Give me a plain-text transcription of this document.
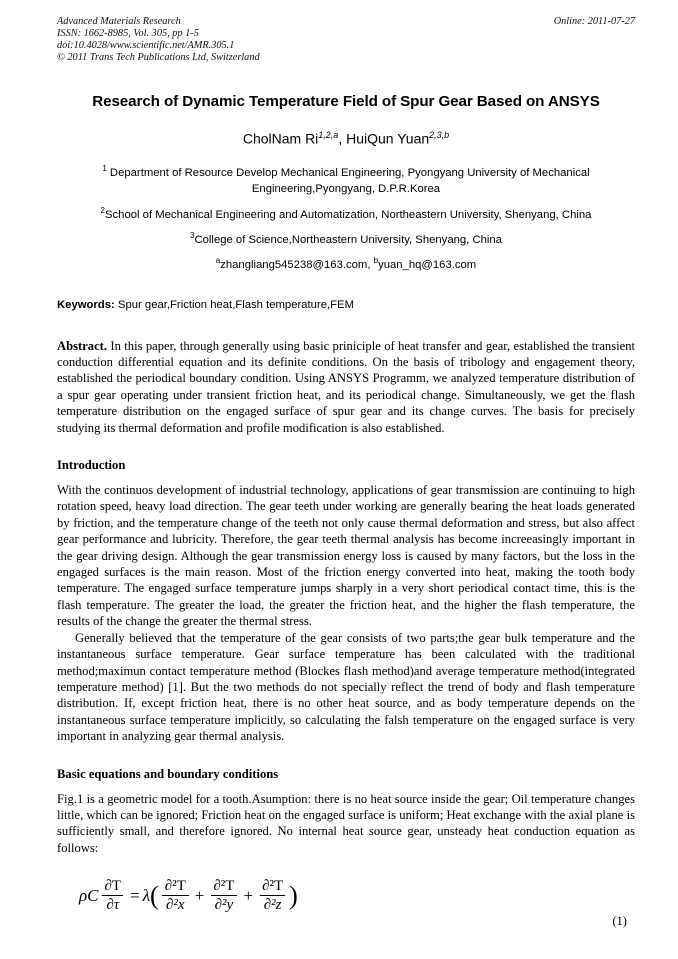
Advanced Materials Research
ISSN: 1662-8985, Vol. 305, pp 1-5
doi:10.4028/www.scientific.net/AMR.305.1
© 2011 Trans Tech Publications Ltd, Switzerland
Online: 2011-07-27
Research of Dynamic Temperature Field of Spur Gear Based on ANSYS
CholNam Ri$^{1,2,a}$, HuiQun Yuan$^{2,3,b}$
$^1$ Department of Resource Develop Mechanical Engineering, Pyongyang University of Mechanical Engineering,Pyongyang, D.P.R.Korea
$^2$School of Mechanical Engineering and Automatization, Northeastern University, Shenyang, China
$^3$College of Science,Northeastern University, Shenyang, China
$^a$zhangliang545238@163.com, $^b$yuan_hq@163.com
Keywords: Spur gear,Friction heat,Flash temperature,FEM
Abstract. In this paper, through generally using basic priniciple of heat transfer and gear, established the transient conduction differential equation and its definite conditions. On the basis of tribology and engagement theory, established the periodical boundary condition. Using ANSYS Programm, we analyzed temperature distribution of a spur gear operating under transient friction heat, and its periodical change. Simultaneously, we get the flash temperature distribution on the engaged surface of spur gear and its change curves. The basis for precisely studying its thermal deformation and profile modification is also established.
Introduction

With the continuos development of industrial technology, applications of gear transmission are continuing to high rotation speed, heavy load direction. The gear teeth under working are generally bearing the heat loads generated by friction, and the temperature change of the teeth not only cause thermal deformation and stress, but also affect gear performance and lubricity. Therefore, the gear teeth thermal analysis has become increeasingly important in the gear driving design. Although the gear transmission energy loss is caused by many factors, but the loss in the engaged surfaces is the main reason. Most of the friction energy converted into heat, making the tooth body temperature. The engaged surface temperature jumps sharply in a very short periodical contact time, this is the flash temperature. The greater the load, the greater the friction heat, and the higher the flash temperature, the results of the change the greater the thermal stress.

Generally believed that the temperature of the gear consists of two parts;the gear bulk temperature and the instantaneous surface temperature. Gear surface temperature has been calculated with the traditional method;maximun contact temperature method (Blockes flash method)and average temperature method(integrated temperature method) [1]. But the two methods do not specially reflect the trend of body and flash temperature distribution. If, except friction heat, there is no other heat source, and as body temperature depends on the instantaneous surface temperature implicitly, so calculating the falsh temperature on the engaged surface is very important in analyzing gear thermal analysis.

Basic equations and boundary conditions

Fig.1 is a geometric model for a tooth.Asumption: there is no heat source inside the gear; Oil temperature changes little, which can be ignored; Friction heat on the engaged surface is uniform; Heat exchange with the axial plane is sufficiently small, and therefore ignored. No internal heat source gear, unsteady heat conduction equation as follows:

ρC $\frac{\partial T}{\partial\tau} = \lambda$ ( $\frac{\text{∂²T}}{\text{∂²x}} + \frac{\text{∂²T}}{\text{∂²y}} + \frac{\text{∂²T}}{\text{∂²z}}$ )
(1)
